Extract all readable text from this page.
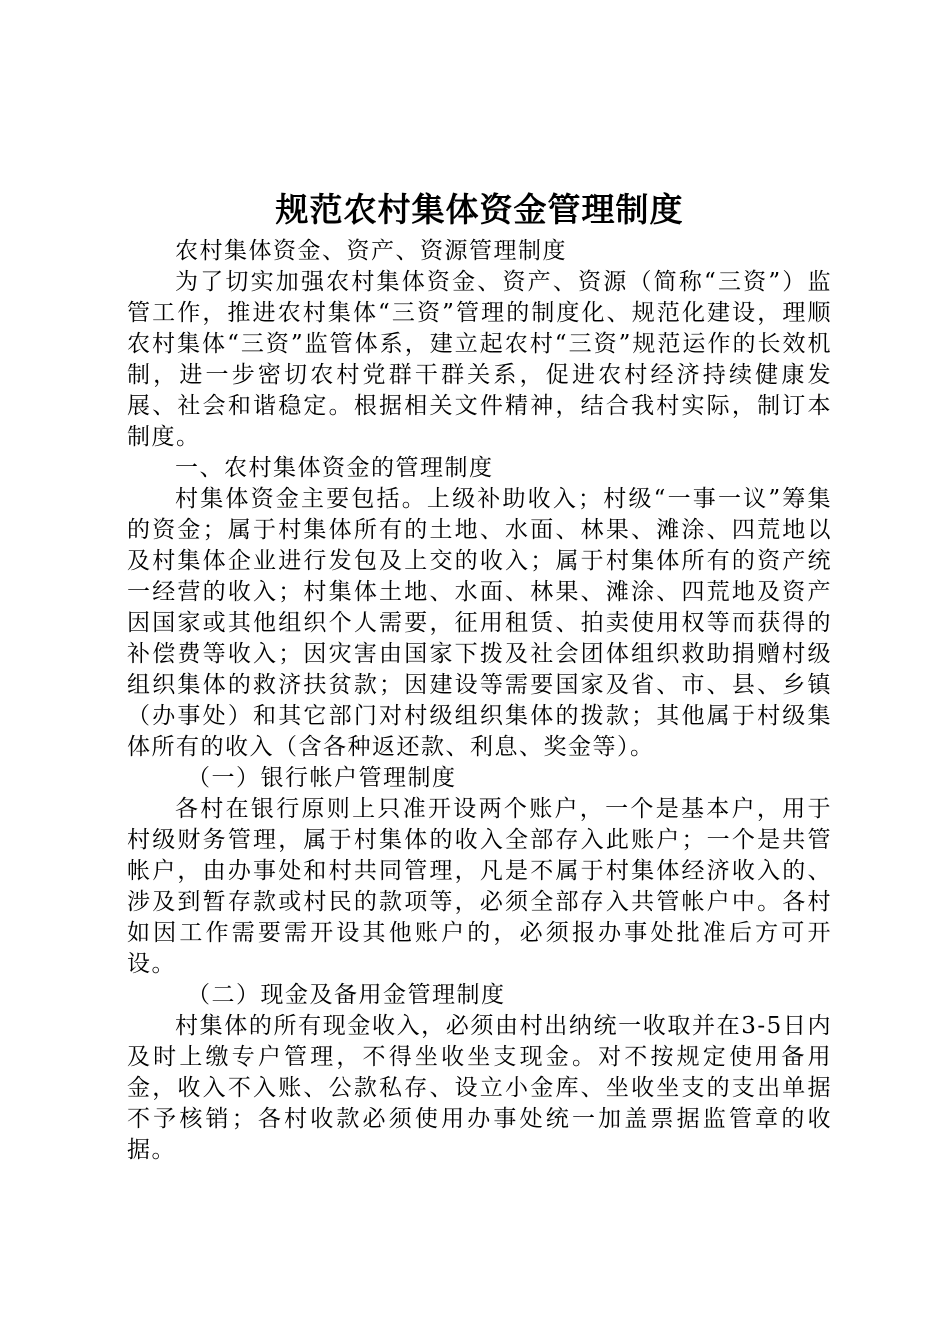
规范农村集体资金管理制度

农村集体资金、资产、资源管理制度

为了切实加强农村集体资金、资产、资源（简称“三资”）监管工作，推进农村集体“三资”管理的制度化、规范化建设，理顺农村集体“三资”监管体系，建立起农村“三资”规范运作的长效机制，进一步密切农村党群干群关系，促进农村经济持续健康发展、社会和谐稳定。根据相关文件精神，结合我村实际，制订本制度。

一、农村集体资金的管理制度

村集体资金主要包括。上级补助收入；村级“一事一议”筹集的资金；属于村集体所有的土地、水面、林果、滩涂、四荒地以及村集体企业进行发包及上交的收入；属于村集体所有的资产统一经营的收入；村集体土地、水面、林果、滩涂、四荒地及资产因国家或其他组织个人需要，征用租赁、拍卖使用权等而获得的补偿费等收入；因灾害由国家下拨及社会团体组织救助捐赠村级组织集体的救济扶贫款；因建设等需要国家及省、市、县、乡镇（办事处）和其它部门对村级组织集体的拨款；其他属于村级集体所有的收入（含各种返还款、利息、奖金等）。

（一）银行帐户管理制度

各村在银行原则上只准开设两个账户，一个是基本户，用于村级财务管理，属于村集体的收入全部存入此账户；一个是共管帐户，由办事处和村共同管理，凡是不属于村集体经济收入的、涉及到暂存款或村民的款项等，必须全部存入共管帐户中。各村如因工作需要需开设其他账户的，必须报办事处批准后方可开设。

（二）现金及备用金管理制度

村集体的所有现金收入，必须由村出纳统一收取并在3-5日内及时上缴专户管理，不得坐收坐支现金。对不按规定使用备用金，收入不入账、公款私存、设立小金库、坐收坐支的支出单据不予核销；各村收款必须使用办事处统一加盖票据监管章的收据。
